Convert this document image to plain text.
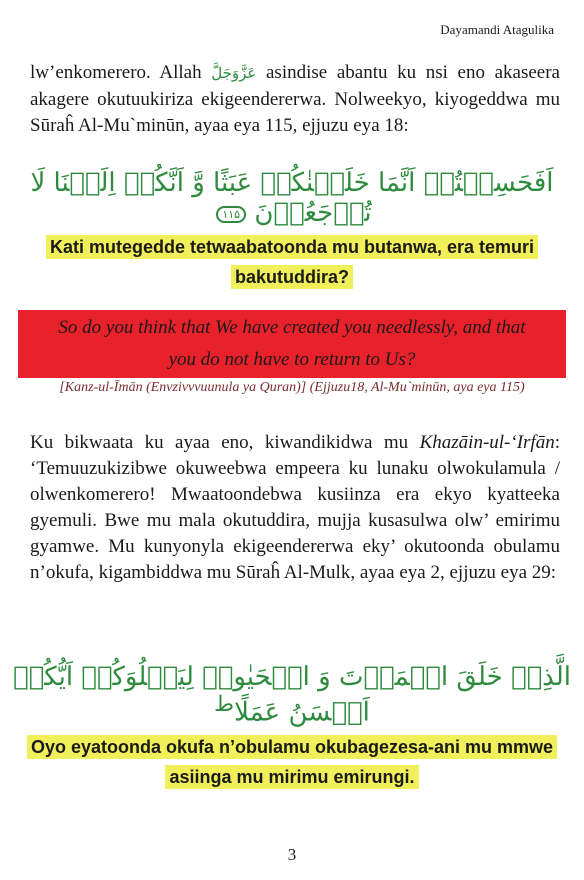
Dayamandi Atagulika
lw’enkomerero. Allah عَزَّوَجَلَّ asindise abantu ku nsi eno akaseera akagere okutuukiriza ekigeendererwa. Nolweekyo, kiyogeddwa mu Sūraĥ Al-Mu`minūn, ayaa eya 115, ejjuzu eya 18:
اَفَحَسِبۡتُمۡ اَنَّمَا خَلَقۡنٰکُمۡ عَبَثًا وَّ اَنَّکُمۡ اِلَیۡنَا لَا تُرۡجَعُوۡنَ ۱۱۵
Kati mutegedde tetwaabatoonda mu butanwa, era temuri
bakutuddira?
So do you think that We have created you needlessly, and that
you do not have to return to Us?
[Kanz-ul-Īmān (Envzivvvuunula ya Quran)] (Ejjuzu18, Al-Mu`minūn, aya eya 115)
Ku bikwaata ku ayaa eno, kiwandikidwa mu Khazāin-ul-‘Irfān: ‘Temuuzukizibwe okuweebwa empeera ku lunaku olwokulamula / olwenkomerero! Mwaatoondebwa kusiinza era ekyo kyatteeka gyemuli. Bwe mu mala okutuddira, mujja kusasulwa olw’ emirimu gyamwe. Mu kunyonyla ekigeendererwa eky’ okutoonda obulamu n’okufa, kigambiddwa mu Sūraĥ Al-Mulk, ayaa eya 2, ejjuzu eya 29:
الَّذِیۡ خَلَقَ الۡمَوۡتَ وَ الۡحَیٰوۃَ لِیَبۡلُوَکُمۡ اَیُّکُمۡ اَحۡسَنُ عَمَلًا$^ط$
Oyo eyatoonda okufa n’obulamu okubagezesa-ani mu mmwe
asiinga mu mirimu emirungi.
3
